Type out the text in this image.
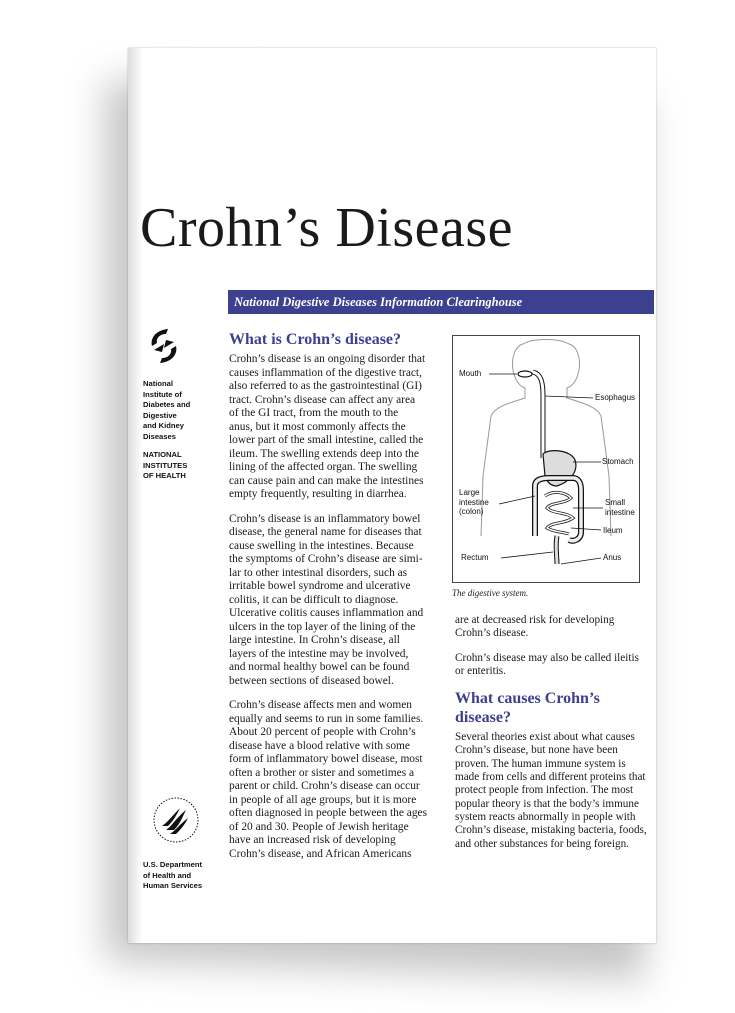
Crohn’s Disease
National Digestive Diseases Information Clearinghouse
National
Institute of
Diabetes and
Digestive
and Kidney
Diseases
NATIONAL
INSTITUTES
OF HEALTH
U.S. Department
of Health and
Human Services
What is Crohn’s disease?

Crohn’s disease is an ongoing disorder that
causes inflammation of the digestive tract,
also referred to as the gastrointestinal (GI)
tract. Crohn’s disease can affect any area
of the GI tract, from the mouth to the
anus, but it most commonly affects the
lower part of the small intestine, called the
ileum. The swelling extends deep into the
lining of the affected organ. The swelling
can cause pain and can make the intestines
empty frequently, resulting in diarrhea.

Crohn’s disease is an inflammatory bowel
disease, the general name for diseases that
cause swelling in the intestines. Because
the symptoms of Crohn’s disease are simi-
lar to other intestinal disorders, such as
irritable bowel syndrome and ulcerative
colitis, it can be difficult to diagnose.
Ulcerative colitis causes inflammation and
ulcers in the top layer of the lining of the
large intestine. In Crohn’s disease, all
layers of the intestine may be involved,
and normal healthy bowel can be found
between sections of diseased bowel.

Crohn’s disease affects men and women
equally and seems to run in some families.
About 20 percent of people with Crohn’s
disease have a blood relative with some
form of inflammatory bowel disease, most
often a brother or sister and sometimes a
parent or child. Crohn’s disease can occur
in people of all age groups, but it is more
often diagnosed in people between the ages
of 20 and 30. People of Jewish heritage
have an increased risk of developing
Crohn’s disease, and African Americans

Mouth
Esophagus
Stomach
Large
intestine
(colon)
Small
intestine
Ileum
Rectum	Anus
The digestive system.

are at decreased risk for developing
Crohn’s disease.

Crohn’s disease may also be called ileitis
or enteritis.

What causes Crohn’s
disease?

Several theories exist about what causes
Crohn’s disease, but none have been
proven. The human immune system is
made from cells and different proteins that
protect people from infection. The most
popular theory is that the body’s immune
system reacts abnormally in people with
Crohn’s disease, mistaking bacteria, foods,
and other substances for being foreign.
